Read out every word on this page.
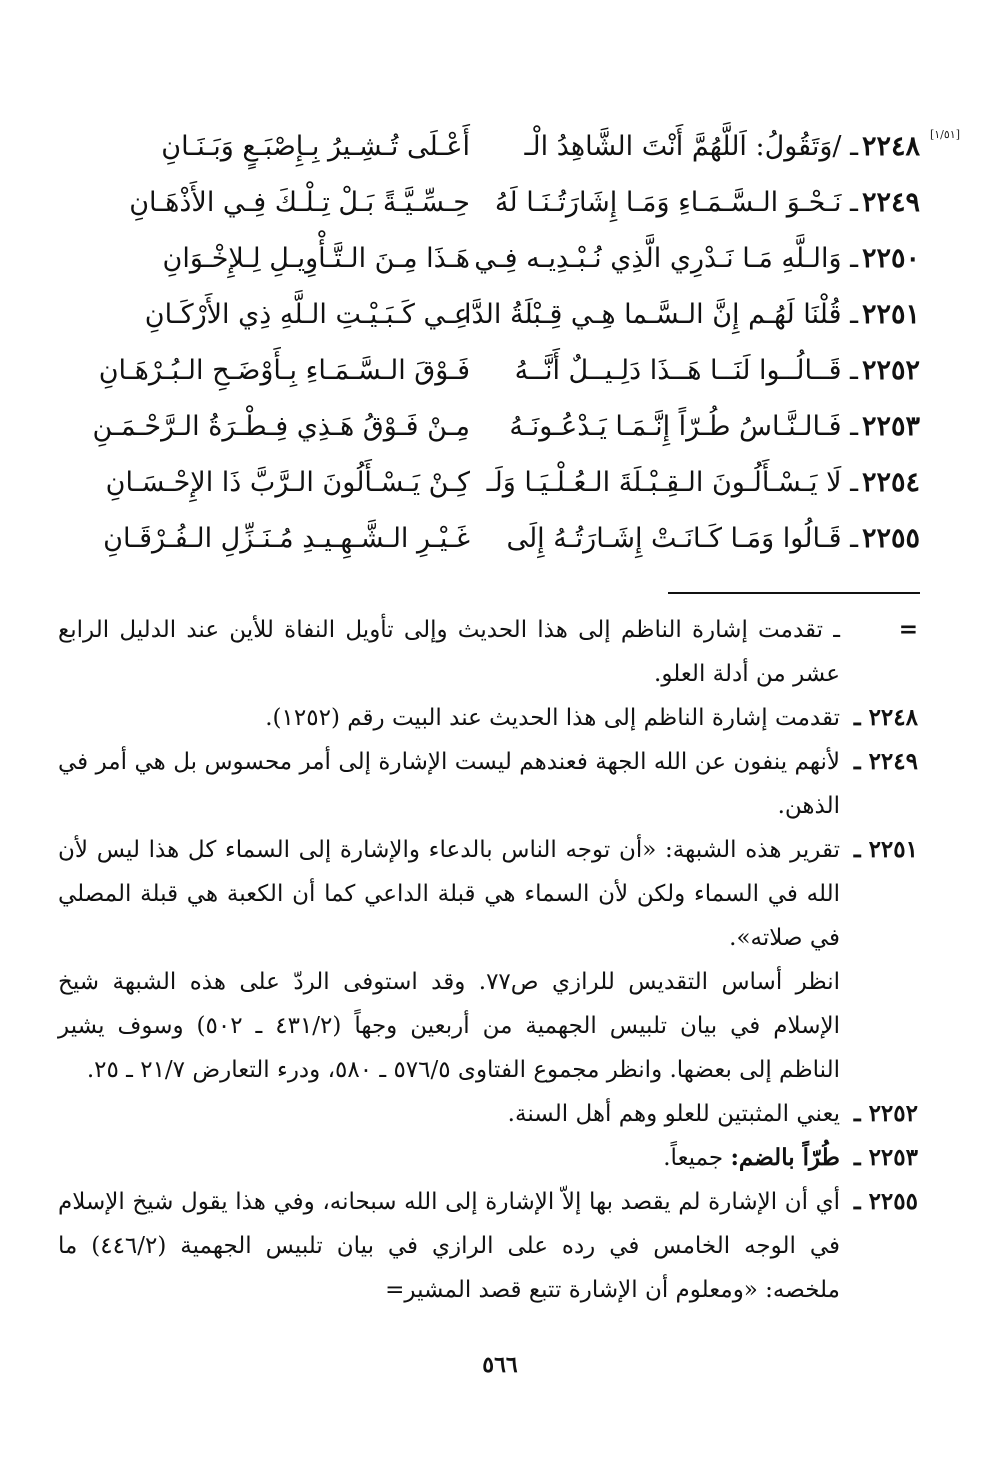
[١/٥١]
٢٢٤٨ـ /وَتَقُولُ: اَللَّهُمَّ أَنْتَ الشَّاهِدُ الْـ
أَعْـلَى تُـشِـيرُ بِـإِصْبَـعٍ وَبَـنَـانِ
٢٢٤٩ـ نَـحْـوَ الـسَّـمَـاءِ وَمَـا إِشَارَتُـنَـا لَهُ
حِـسِّـيَّـةً بَـلْ تِـلْـكَ فِـي الأَذْهَـانِ
٢٢٥٠ـ وَالـلَّهِ مَـا نَـدْرِي الَّذِي نُـبْـدِيـه فِـي
هَـذَا مِـنَ الـتَّـأْوِيـلِ لِـلإِخْـوَانِ
٢٢٥١ـ قُلْنَا لَهُـم إِنَّ الـسَّـما هِـي قِـبْلَةُ الدَّا
عِـي كَـبَـيْـتِ الـلَّهِ ذِي الأَرْكَـانِ
٢٢٥٢ـ قَــالُــوا لَنَــا هَــذَا دَلِـيــلٌ أَنَّــهُ
فَـوْقَ الـسَّـمَـاءِ بِـأَوْضَـحِ الـبُـرْهَـانِ
٢٢٥٣ـ فَـالـنَّـاسُ طُـرّاً إِنَّـمَـا يَـدْعُـونَـهُ
مِـنْ فَـوْقُ هَـذِي فِـطْـرَةُ الـرَّحْـمَـنِ
٢٢٥٤ـ لَا يَـسْـأَلُـونَ الـقِـبْـلَةَ الـعُـلْـيَـا وَلَـ
كِـنْ يَـسْـأَلُونَ الـرَّبَّ ذَا الإِحْـسَـانِ
٢٢٥٥ـ قَـالُوا وَمَـا كَـانَـتْ إِشَـارَتُـهُ إِلَى
غَـيْـرِ الـشَّـهِـيـدِ مُـنَـزِّلِ الـفُـرْقَـانِ
=
ـ تقدمت إشارة الناظم إلى هذا الحديث وإلى تأويل النفاة للأين عند الدليل الرابع عشر من أدلة العلو.
٢٢٤٨ ـ
تقدمت إشارة الناظم إلى هذا الحديث عند البيت رقم (١٢٥٢).
٢٢٤٩ ـ
لأنهم ينفون عن الله الجهة فعندهم ليست الإشارة إلى أمر محسوس بل هي أمر في الذهن.
٢٢٥١ ـ
تقرير هذه الشبهة: «أن توجه الناس بالدعاء والإشارة إلى السماء كل هذا ليس لأن الله في السماء ولكن لأن السماء هي قبلة الداعي كما أن الكعبة هي قبلة المصلي في صلاته».
انظر أساس التقديس للرازي ص٧٧. وقد استوفى الردّ على هذه الشبهة شيخ الإسلام في بيان تلبيس الجهمية من أربعين وجهاً (٤٣١/٢ ـ ٥٠٢) وسوف يشير الناظم إلى بعضها. وانظر مجموع الفتاوى ٥٧٦/٥ ـ ٥٨٠، ودرء التعارض ٢١/٧ ـ ٢٥.
٢٢٥٢ ـ
يعني المثبتين للعلو وهم أهل السنة.
٢٢٥٣ ـ
طُرّاً بالضم: جميعاً.
٢٢٥٥ ـ
أي أن الإشارة لم يقصد بها إلاّ الإشارة إلى الله سبحانه، وفي هذا يقول شيخ الإسلام في الوجه الخامس في رده على الرازي في بيان تلبيس الجهمية (٤٤٦/٢) ما ملخصه: «ومعلوم أن الإشارة تتبع قصد المشير=
٥٦٦
